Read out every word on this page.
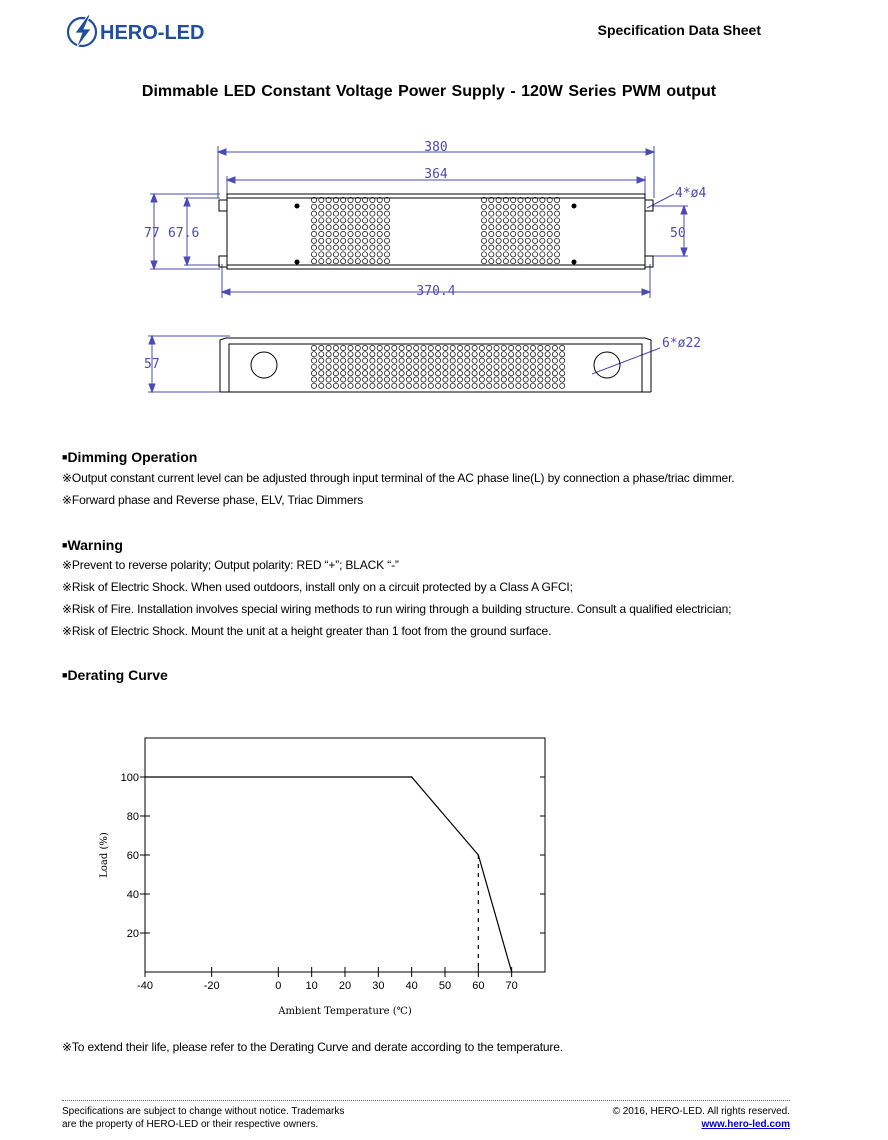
HERO-LED	Specification Data Sheet
Dimmable LED Constant Voltage Power Supply - 120W Series PWM output
380
364
370.4
77 67.6	50
4*ø4
57
6*ø22
■Dimming Operation
※Output constant current level can be adjusted through input terminal of the AC phase line(L) by connection a phase/triac dimmer.
※Forward phase and Reverse phase, ELV, Triac Dimmers
■Warning
※Prevent to reverse polarity; Output polarity: RED “+”; BLACK “-”
※Risk of Electric Shock. When used outdoors, install only on a circuit protected by a Class A GFCI;
※Risk of Fire. Installation involves special wiring methods to run wiring through a building structure. Consult a qualified electrician;
※Risk of Electric Shock. Mount the unit at a height greater than 1 foot from the ground surface.
■Derating Curve
20
40
60
80
100
-40	-20	0 10 20 30 40 50 60 70
Ambient Temperature (℃)
Load (%)
※To extend their life, please refer to the Derating Curve and derate according to the temperature.
Specifications are subject to change without notice. Trademarks
are the property of HERO-LED or their respective owners.
© 2016, HERO-LED. All rights reserved.
www.hero-led.com
